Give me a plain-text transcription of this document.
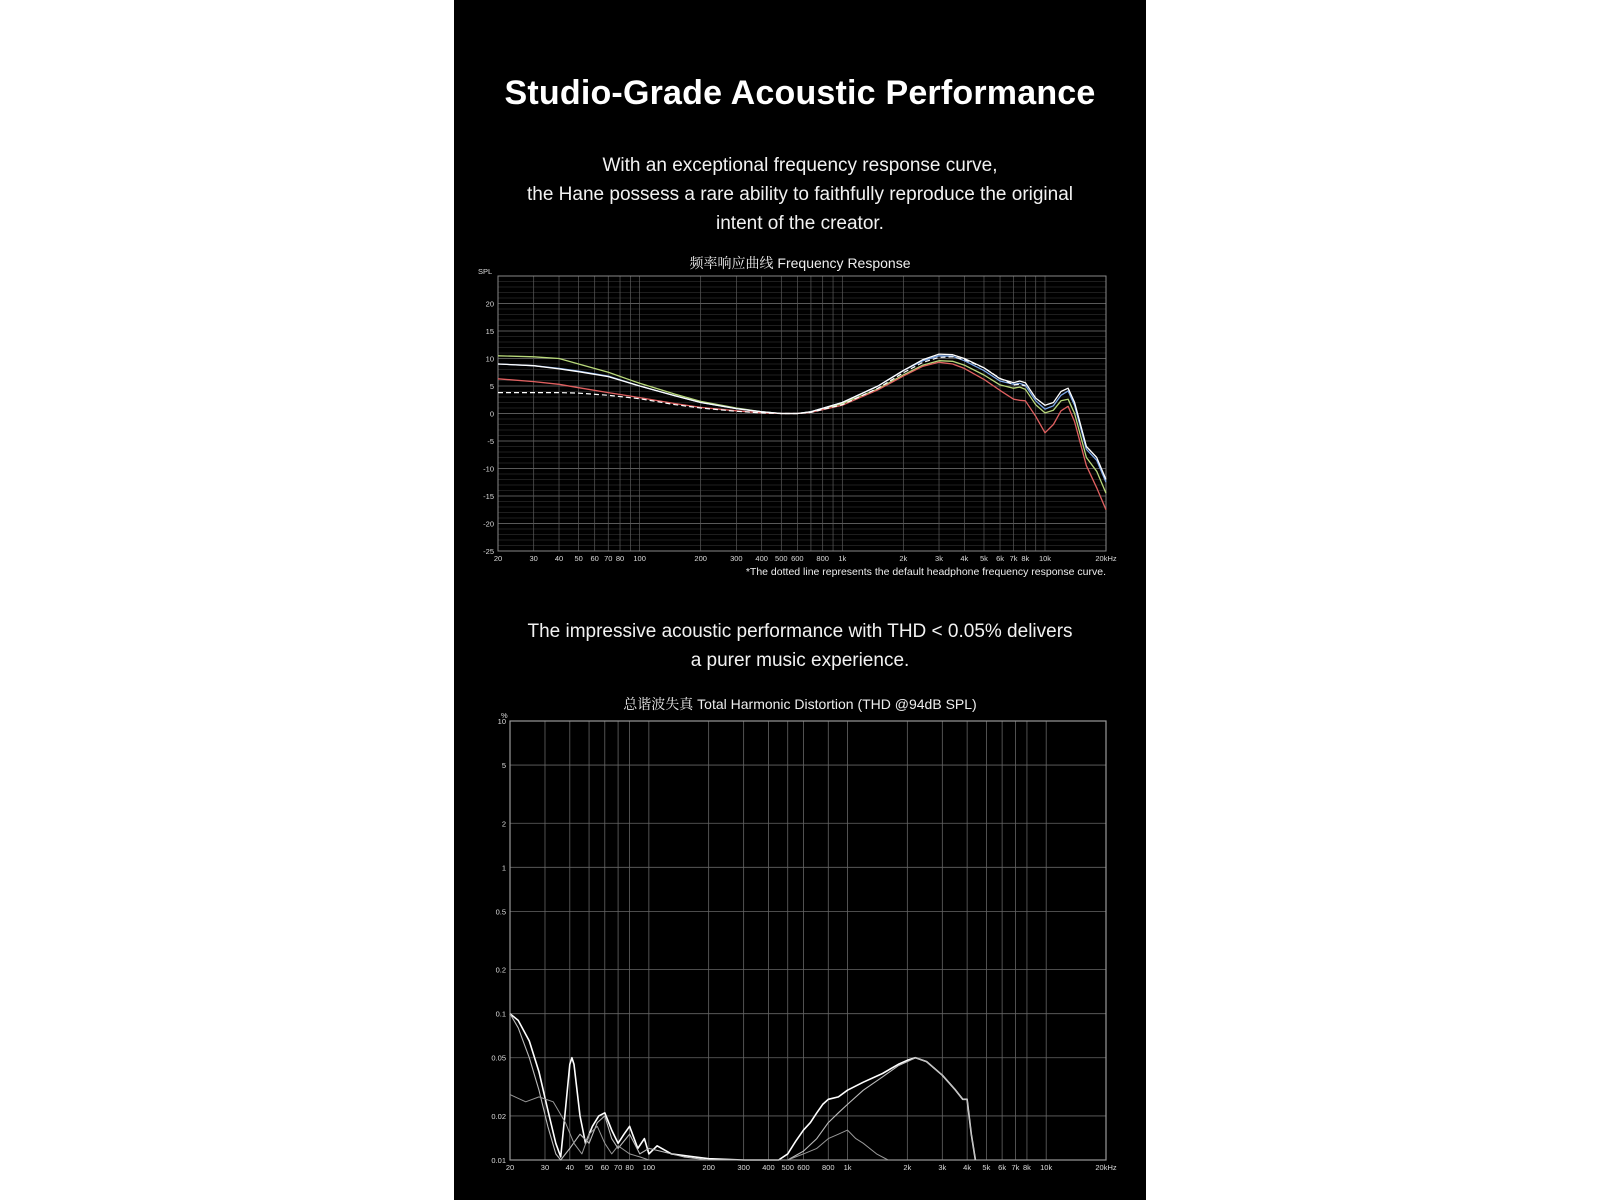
Studio-Grade Acoustic Performance
With an exceptional frequency response curve,
the Hane possess a rare ability to faithfully reproduce the original
intent of the creator.
频率响应曲线 Frequency Response
20
15
10
5
0
-5
-10
-15
-20
-25
SPL
20	30 40 50 60 70 80 100	200	300 400 500 600 800 1k	2k	3k 4k 5k 6k 7k 8k 10k	20kHz
*The dotted line represents the default headphone frequency response curve.
The impressive acoustic performance with THD < 0.05% delivers
a purer music experience.
总谐波失真 Total Harmonic Distortion (THD @94dB SPL)
10
5
2
1
0.5
0.2
0.1
0.05
0.02
0.01
%
20	30 40 50 60 70 80 100	200	300 400 500 600 800 1k	2k	3k 4k 5k 6k 7k 8k 10k	20kHz
